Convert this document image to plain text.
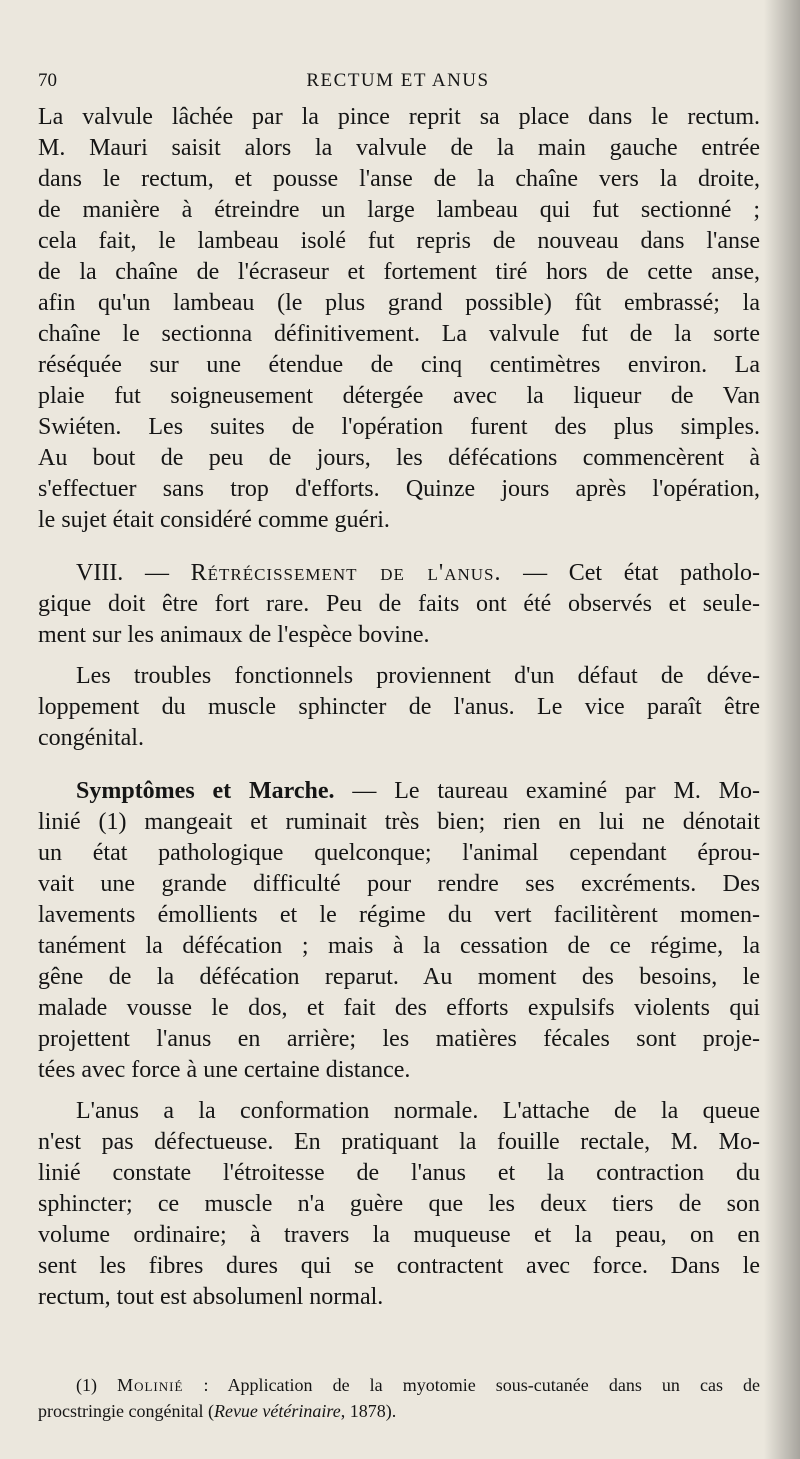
70	RECTUM ET ANUS
La valvule lâchée par la pince reprit sa place dans le rectum.
M. Mauri saisit alors la valvule de la main gauche entrée
dans le rectum, et pousse l'anse de la chaîne vers la droite,
de manière à étreindre un large lambeau qui fut sectionné ;
cela fait, le lambeau isolé fut repris de nouveau dans l'anse
de la chaîne de l'écraseur et fortement tiré hors de cette anse,
afin qu'un lambeau (le plus grand possible) fût embrassé; la
chaîne le sectionna définitivement. La valvule fut de la sorte
réséquée sur une étendue de cinq centimètres environ. La
plaie fut soigneusement détergée avec la liqueur de Van
Swiéten. Les suites de l'opération furent des plus simples.
Au bout de peu de jours, les défécations commencèrent à
s'effectuer sans trop d'efforts. Quinze jours après l'opération,
le sujet était considéré comme guéri.
VIII. — Rétrécissement de l'anus. — Cet état patholo-
gique doit être fort rare. Peu de faits ont été observés et seule-
ment sur les animaux de l'espèce bovine.
Les troubles fonctionnels proviennent d'un défaut de déve-
loppement du muscle sphincter de l'anus. Le vice paraît être
congénital.
Symptômes et Marche. — Le taureau examiné par M. Mo-
linié (1) mangeait et ruminait très bien; rien en lui ne dénotait
un état pathologique quelconque; l'animal cependant éprou-
vait une grande difficulté pour rendre ses excréments. Des
lavements émollients et le régime du vert facilitèrent momen-
tanément la défécation ; mais à la cessation de ce régime, la
gêne de la défécation reparut. Au moment des besoins, le
malade vousse le dos, et fait des efforts expulsifs violents qui
projettent l'anus en arrière; les matières fécales sont proje-
tées avec force à une certaine distance.
L'anus a la conformation normale. L'attache de la queue
n'est pas défectueuse. En pratiquant la fouille rectale, M. Mo-
linié constate l'étroitesse de l'anus et la contraction du
sphincter; ce muscle n'a guère que les deux tiers de son
volume ordinaire; à travers la muqueuse et la peau, on en
sent les fibres dures qui se contractent avec force. Dans le
rectum, tout est absolumenl normal.
(1) Molinié : Application de la myotomie sous-cutanée dans un cas de
procstringie congénital (Revue vétérinaire, 1878).
